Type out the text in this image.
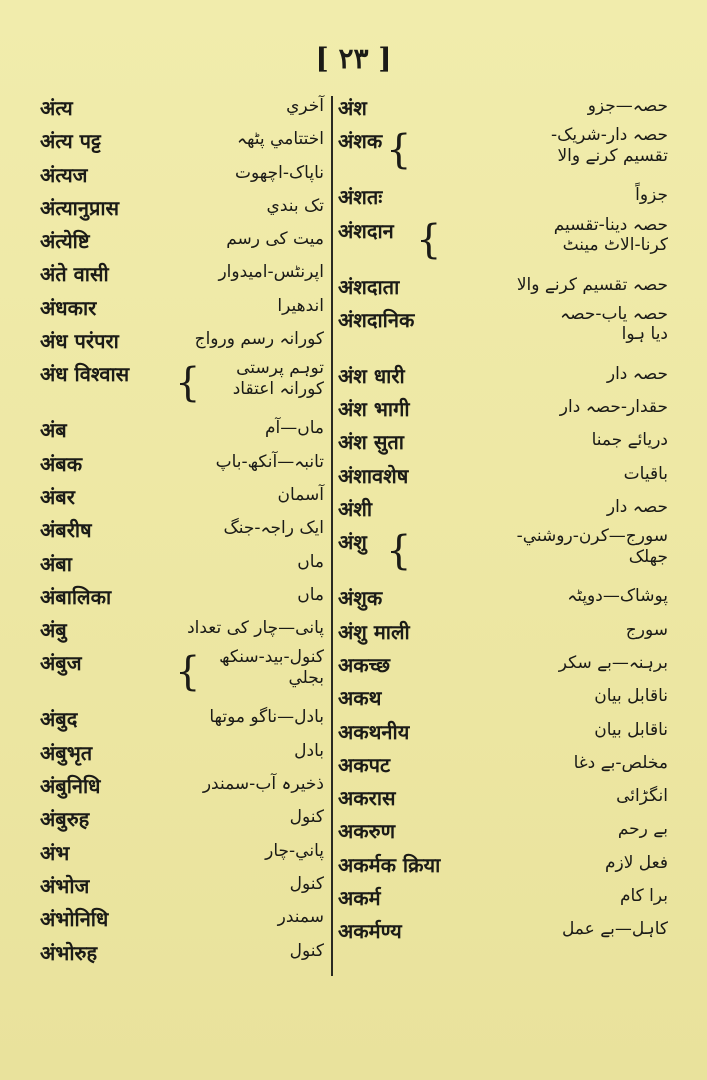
[ ٢٣ ]
अंत्य	آخري
अंत्य पट्ट	اختتامي پٹھہ
अंत्यज	ناپاک-اچھوت
अंत्यानुप्रास	تک بندي
अंत्येष्टि	میت کی رسم
अंते वासी	اپرنٹس-امیدوار
अंधकार	اندھیرا
अंध परंपरा	کورانہ رسم ورواج
अंध विश्वास {	توہم پرستی
کورانہ اعتقاد
अंब	ماں—آم
अंबक	تانبہ—آنکھ-باپ
अंबर	آسمان
अंबरीष	ایک راجہ-جنگ
अंबा	ماں
अंबालिका	ماں
अंबु	پانی—چار کی تعداد
अंबुज { کنول-بید-سنکھ
بجلي
अंबुद	بادل—ناگو موتھا
अंबुभृत	بادل
अंबुनिधि	ذخیرہ آب-سمندر
अंबुरुह	کنول
अंभ	پاني-چار
अंभोज	کنول
अंभोनिधि	سمندر
अंभोरुह	کنول
अंश	حصہ—جزو
अंशक {	حصہ دار-شریک-
تقسیم کرنے والا
अंशतः	جزواً
अंशदान {	حصہ دینا-تقسیم
کرنا-الاٹ مینٹ
अंशदाता	حصہ تقسیم کرنے والا
अंशदानिक	حصہ یاب-حصہ
دیا ہوا
अंश धारी	حصہ دار
अंश भागी	حقدار-حصہ دار
अंश सुता	دریائے جمنا
अंशावशेष	باقیات
अंशी	حصہ دار
अंशु {	سورج—کرن-روشني-
جھلک
अंशुक	پوشاک—دوپٹہ
अंशु माली	سورج
अकच्छ	برہنہ—بے سکر
अकथ	ناقابل بیان
अकथनीय	ناقابل بیان
अकपट	مخلص-بے دغا
अकरास	انگڑائی
अकरुण	بے رحم
अकर्मक क्रिया	فعل لازم
अकर्म	برا کام
अकर्मण्य	کاہل—بے عمل
